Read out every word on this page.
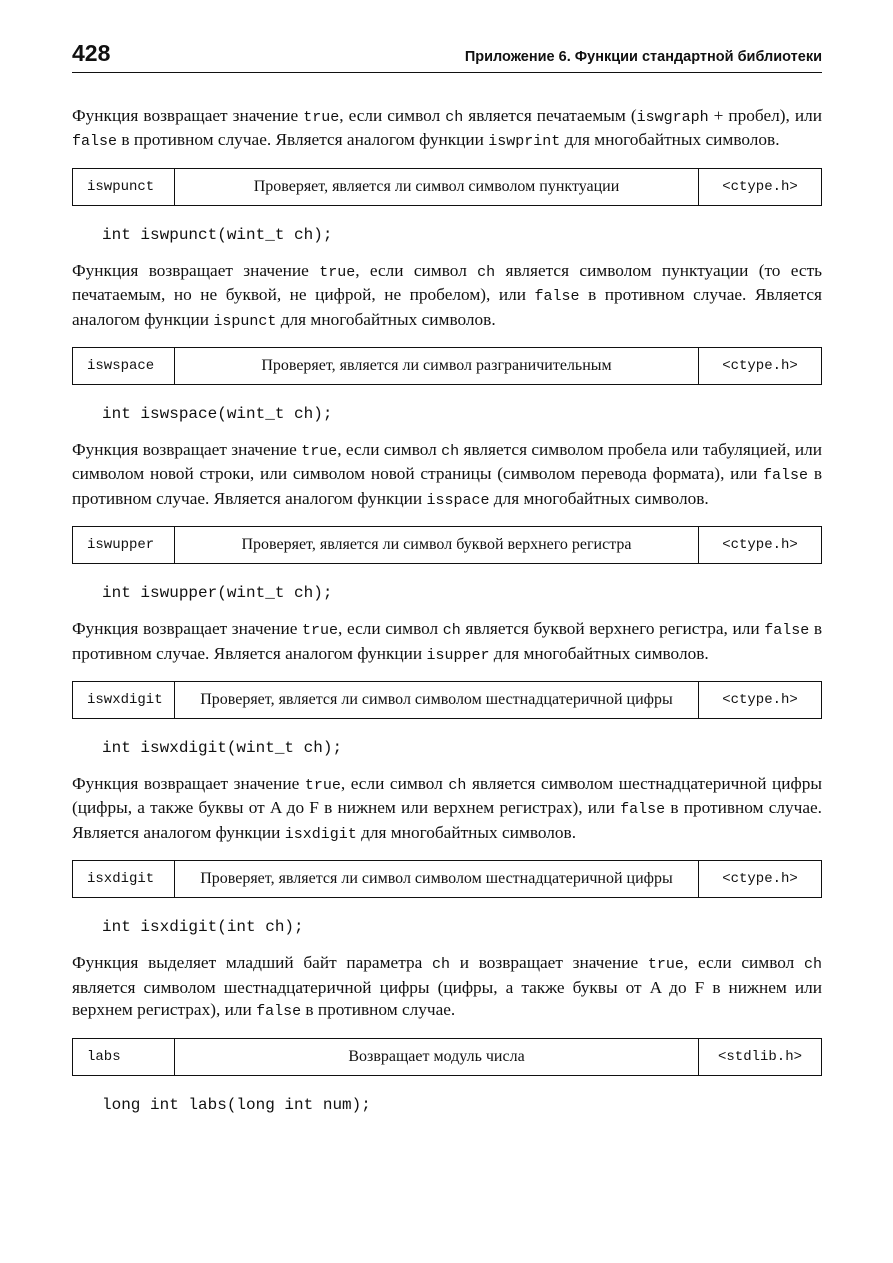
428	Приложение 6. Функции стандартной библиотеки

Функция возвращает значение true, если символ ch является печатаемым (iswgraph + пробел), или false в противном случае. Является аналогом функции iswprint для многобайтных символов.

iswpunct	Проверяет, является ли символ символом пунктуации	<ctype.h>
int iswpunct(wint_t ch);

Функция возвращает значение true, если символ ch является символом пунктуации (то есть печатаемым, но не буквой, не цифрой, не пробелом), или false в противном случае. Является аналогом функции ispunct для многобайтных символов.

iswspace	Проверяет, является ли символ разграничительным	<ctype.h>
int iswspace(wint_t ch);

Функция возвращает значение true, если символ ch является символом пробела или табуляцией, или символом новой строки, или символом новой страницы (символом перевода формата), или false в противном случае. Является аналогом функции isspace для многобайтных символов.

iswupper	Проверяет, является ли символ буквой верхнего регистра	<ctype.h>
int iswupper(wint_t ch);

Функция возвращает значение true, если символ ch является буквой верхнего регистра, или false в противном случае. Является аналогом функции isupper для многобайтных символов.

iswxdigit	Проверяет, является ли символ символом шестнадцатеричной цифры	<ctype.h>
int iswxdigit(wint_t ch);

Функция возвращает значение true, если символ ch является символом шестнадцатеричной цифры (цифры, а также буквы от A до F в нижнем или верхнем регистрах), или false в противном случае. Является аналогом функции isxdigit для многобайтных символов.

isxdigit	Проверяет, является ли символ символом шестнадцатеричной цифры	<ctype.h>
int isxdigit(int ch);

Функция выделяет младший байт параметра ch и возвращает значение true, если символ ch является символом шестнадцатеричной цифры (цифры, а также буквы от A до F в нижнем или верхнем регистрах), или false в противном случае.

labs	Возвращает модуль числа	<stdlib.h>
long int labs(long int num);
